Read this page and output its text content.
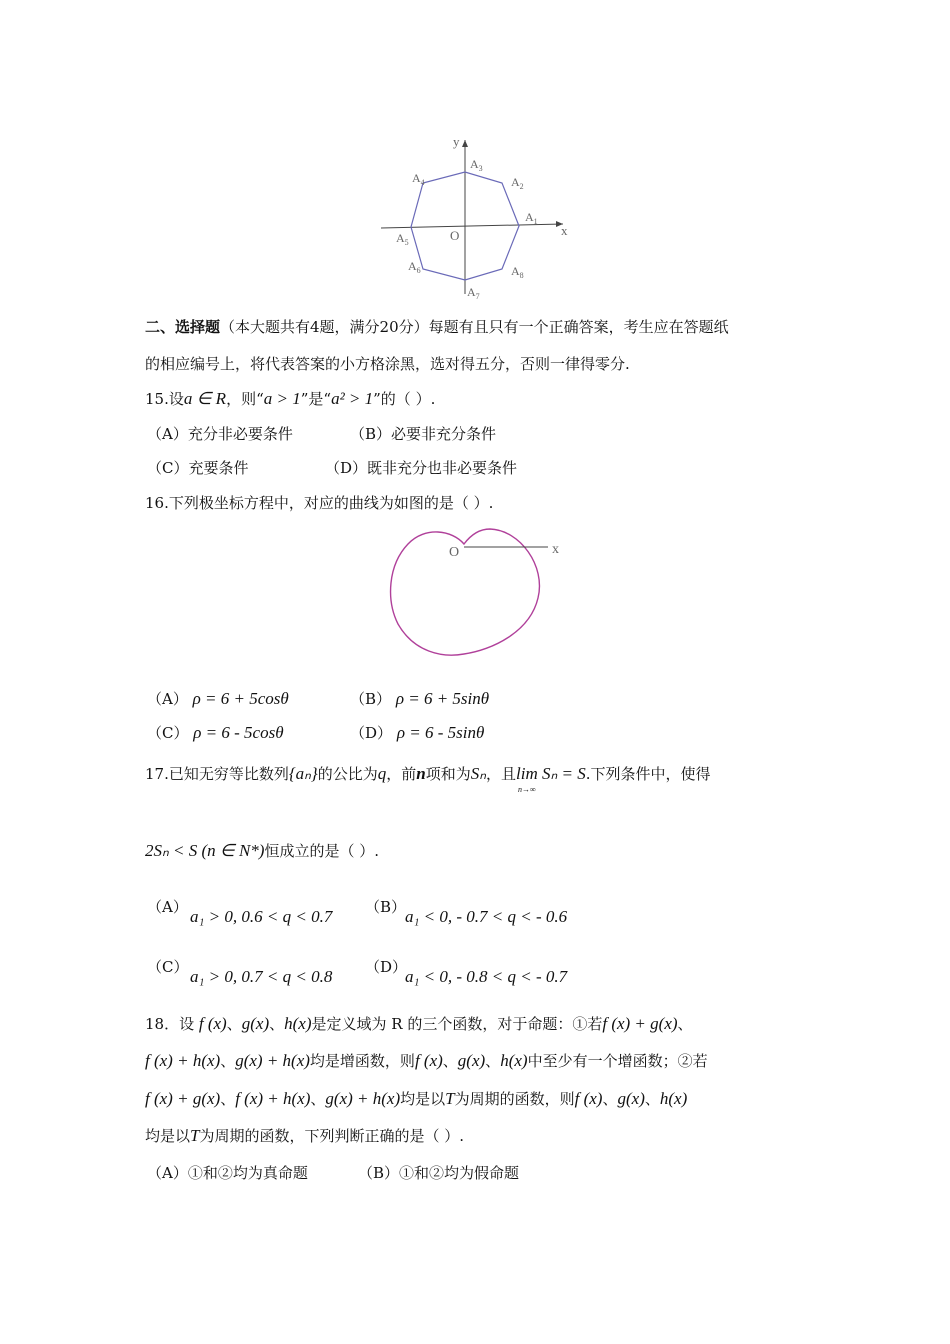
y
x
O
$A_3$
$A_2$
$A_4$
$A_1$
$A_5$
$A_6$	$A_8$
$A_7$
二、选择题（本大题共有4题，满分20分）每题有且只有一个正确答案，考生应在答题纸
的相应编号上，将代表答案的小方格涂黑，选对得五分，否则一律得零分.
15.设a ∈ R，则“a > 1”是“a² > 1”的（ ）.
（A）充分非必要条件	（B）必要非充分条件
（C）充要条件	（D）既非充分也非必要条件
16.下列极坐标方程中，对应的曲线为如图的是（ ）.
O	x
（A） ρ = 6 + 5cosθ	（B） ρ = 6 + 5sinθ
（C） ρ = 6 - 5cosθ	（D） ρ = 6 - 5sinθ
17.已知无穷等比数列{aₙ}的公比为q，前n项和为Sₙ，且lim Sₙ = S
n→∞
.下列条件中，使得
2Sₙ < S (n ∈ N*)恒成立的是（ ）.
（A） a₁ > 0, 0.6 < q < 0.7 （B）
a₁ < 0, - 0.7 < q < - 0.6
（C） a₁ > 0, 0.7 < q < 0.8 （D）
a₁ < 0, - 0.8 < q < - 0.7
18．设 f (x)、g(x)、h(x)是定义域为 R 的三个函数，对于命题：①若f (x) + g(x)、
f (x) + h(x)、g(x) + h(x)均是增函数，则f (x)、g(x)、h(x)中至少有一个增函数；②若
f (x) + g(x)、f (x) + h(x)、g(x) + h(x)均是以T为周期的函数，则f (x)、g(x)、h(x)
均是以T为周期的函数，下列判断正确的是（ ）.
（A）①和②均为真命题	（B）①和②均为假命题
